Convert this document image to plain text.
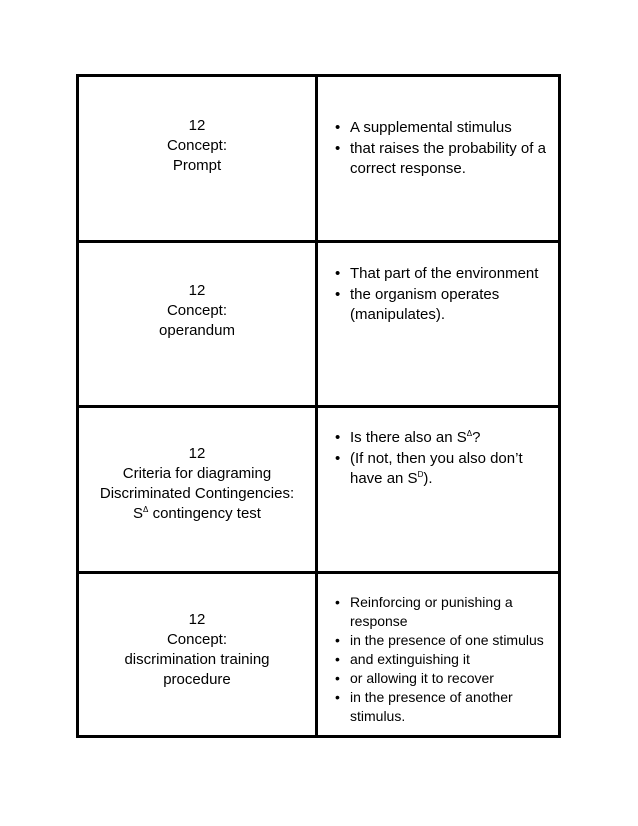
12
Concept:
Prompt
• A supplemental stimulus
• that raises the probability of a correct response.
12
Concept:
operandum
• That part of the environment
• the organism operates (manipulates).
12
Criteria for diagraming
Discriminated Contingencies:
$S^\Delta$ contingency test
• Is there also an $S^\Delta$?
• (If not, then you also don’t have an $S^D$).
12
Concept:
discrimination training
procedure
• Reinforcing or punishing a response
• in the presence of one stimulus
• and extinguishing it
• or allowing it to recover
• in the presence of another stimulus.
